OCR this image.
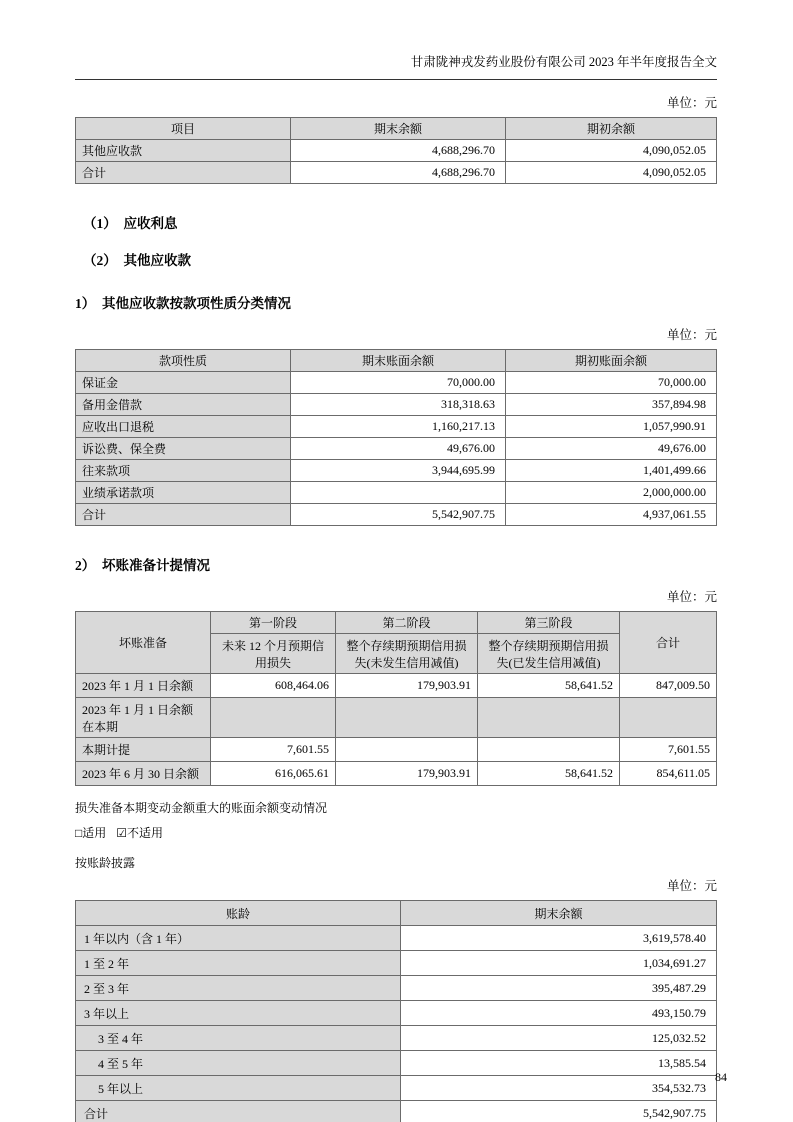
甘肃陇神戎发药业股份有限公司 2023 年半年度报告全文
单位：元
项目	期末余额	期初余额
其他应收款	4,688,296.70	4,090,052.05
合计	4,688,296.70	4,090,052.05
（1）　应收利息
（2）　其他应收款
1）　其他应收款按款项性质分类情况
单位：元
款项性质	期末账面余额	期初账面余额
保证金	70,000.00	70,000.00
备用金借款	318,318.63	357,894.98
应收出口退税	1,160,217.13	1,057,990.91
诉讼费、保全费	49,676.00	49,676.00
往来款项	3,944,695.99	1,401,499.66
业绩承诺款项		2,000,000.00
合计	5,542,907.75	4,937,061.55
2）　坏账准备计提情况
单位：元
坏账准备	第一阶段	第二阶段	第三阶段	合计
	未来 12 个月预期信用损失	整个存续期预期信用损失(未发生信用减值)	整个存续期预期信用损失(已发生信用减值)	
2023 年 1 月 1 日余额	608,464.06	179,903.91	58,641.52	847,009.50
2023 年 1 月 1 日余额在本期				
本期计提	7,601.55			7,601.55
2023 年 6 月 30 日余额	616,065.61	179,903.91	58,641.52	854,611.05
损失准备本期变动金额重大的账面余额变动情况
□适用 ☑不适用
按账龄披露
单位：元
账龄	期末余额
1 年以内（含 1 年）	3,619,578.40
1 至 2 年	1,034,691.27
2 至 3 年	395,487.29
3 年以上	493,150.79
3 至 4 年	125,032.52
4 至 5 年	13,585.54
5 年以上	354,532.73
合计	5,542,907.75
84
